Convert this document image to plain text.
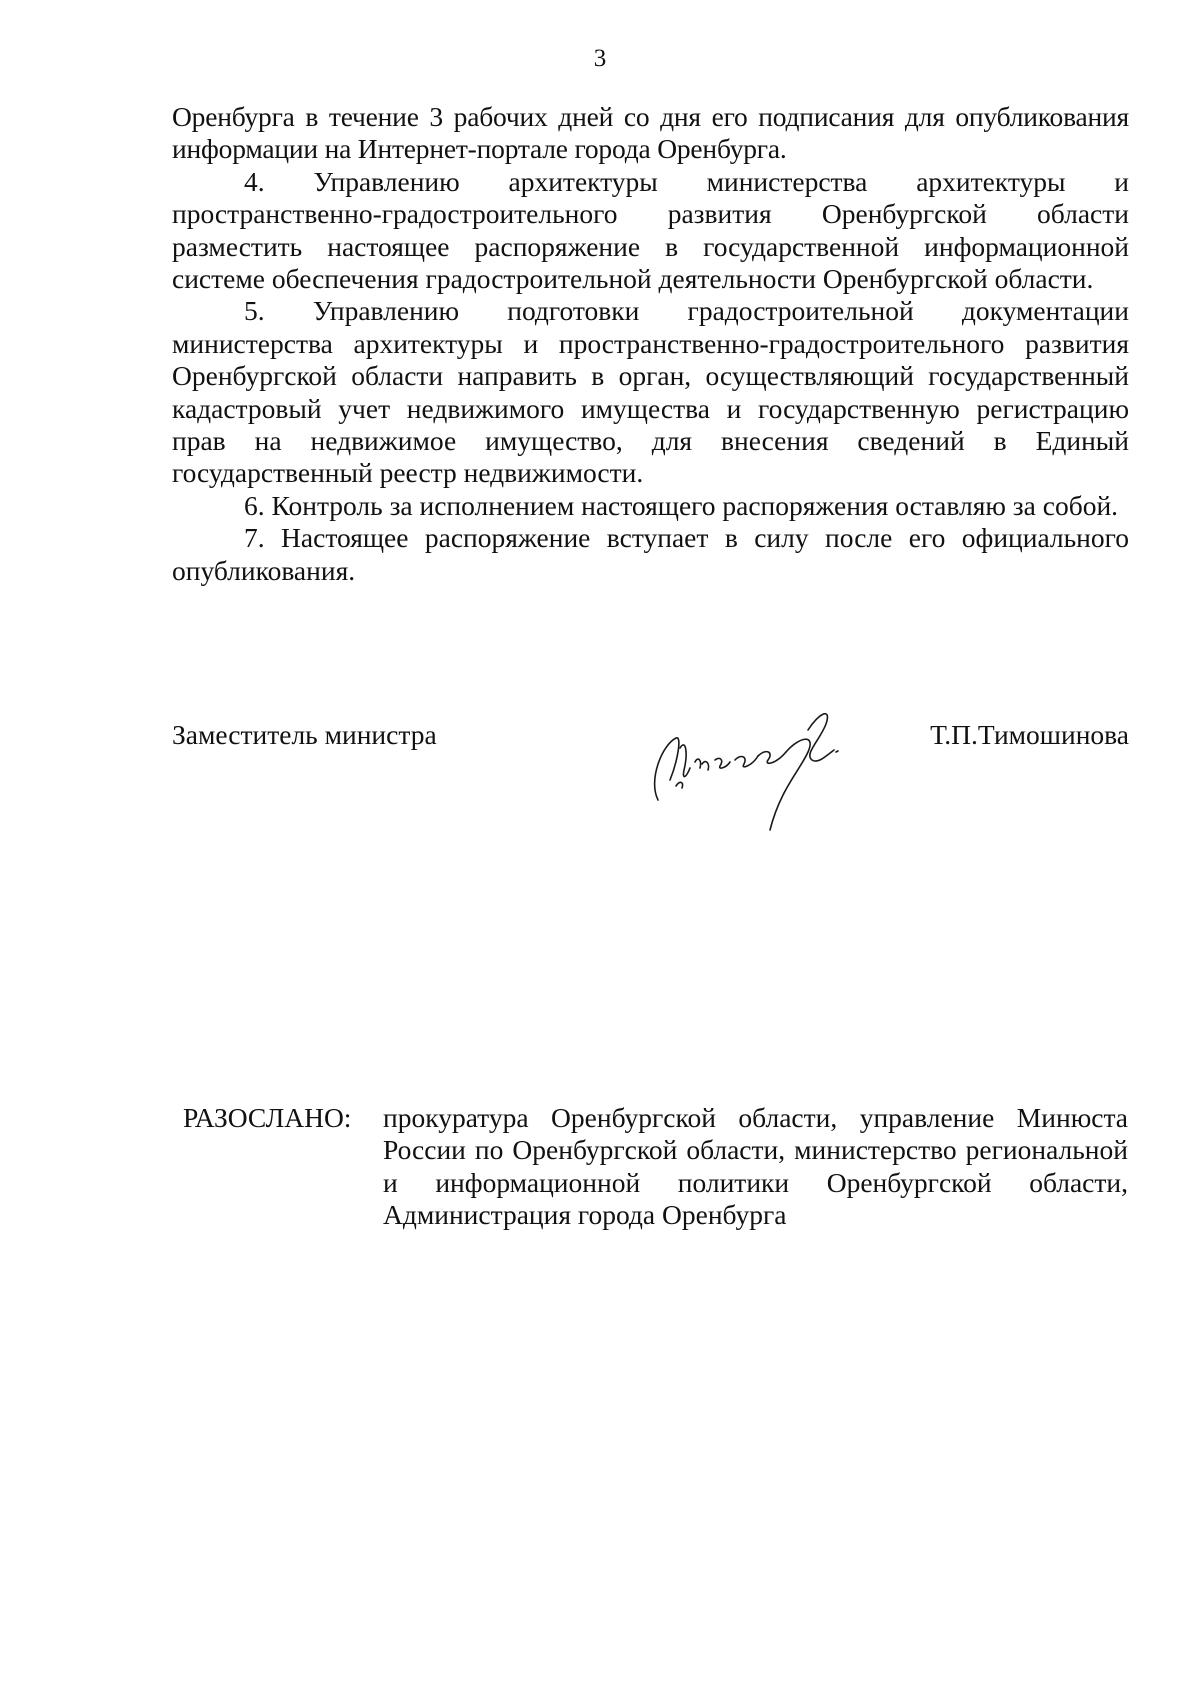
3

Оренбурга в течение 3 рабочих дней со дня его подписания для опубликования информации на Интернет-портале города Оренбурга.

4. Управлению архитектуры министерства архитектуры и пространственно-градостроительного развития Оренбургской области разместить настоящее распоряжение в государственной информационной системе обеспечения градостроительной деятельности Оренбургской области.

5. Управлению подготовки градостроительной документации министерства архитектуры и пространственно-градостроительного развития Оренбургской области направить в орган, осуществляющий государственный кадастровый учет недвижимого имущества и государственную регистрацию прав на недвижимое имущество, для внесения сведений в Единый государственный реестр недвижимости.

6. Контроль за исполнением настоящего распоряжения оставляю за собой.

7. Настоящее распоряжение вступает в силу после его официального опубликования.

Заместитель министра	Т.П.Тимошинова
РАЗОСЛАНО: прокуратура Оренбургской области, управление Минюста России по Оренбургской области, министерство региональной и информационной политики Оренбургской области, Администрация города Оренбурга
